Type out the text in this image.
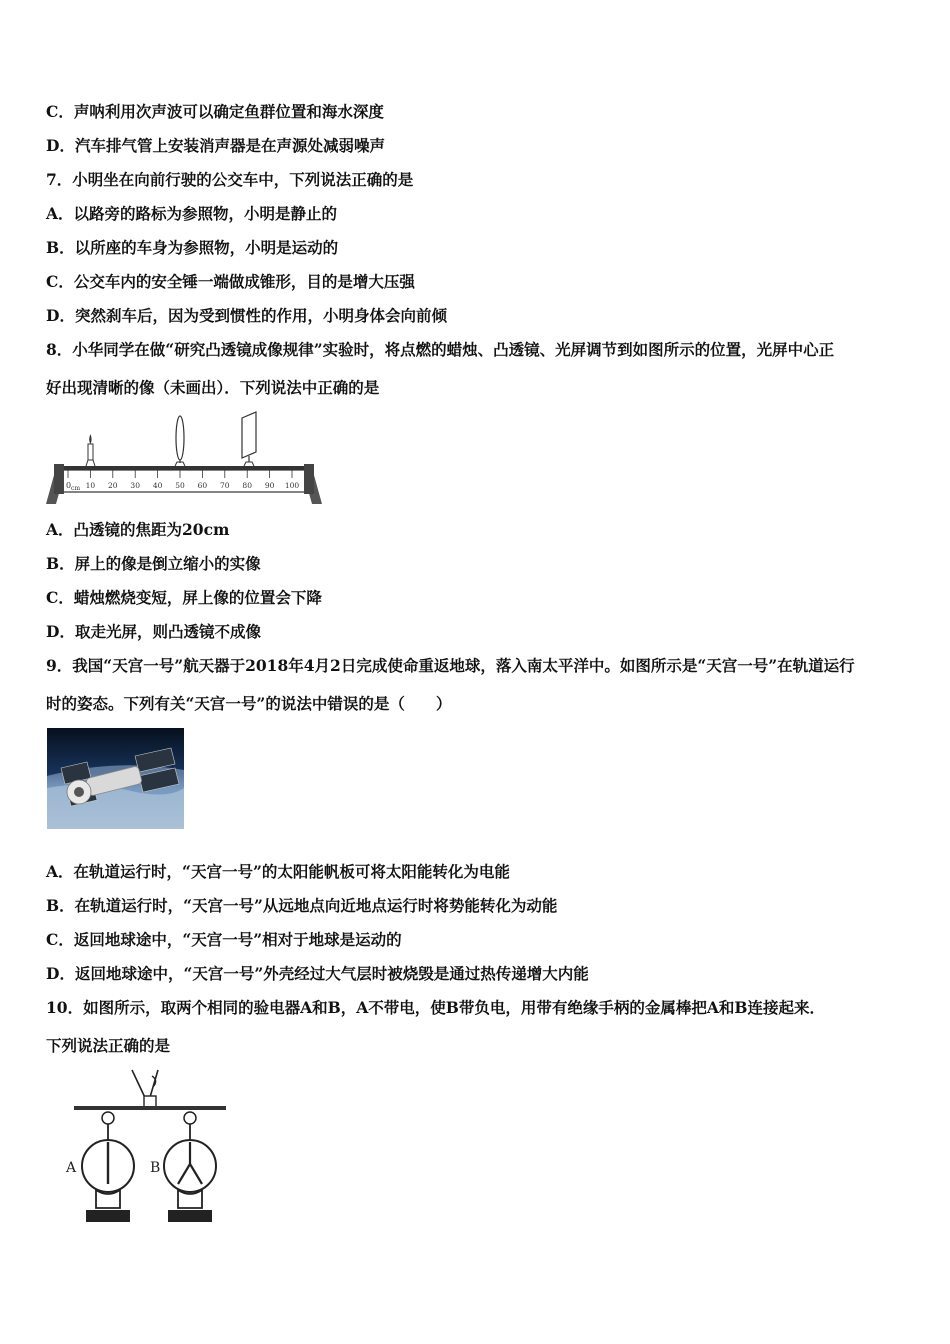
C．声呐利用次声波可以确定鱼群位置和海水深度
D．汽车排气管上安装消声器是在声源处减弱噪声
7．小明坐在向前行驶的公交车中，下列说法正确的是
A．以路旁的路标为参照物，小明是静止的
B．以所座的车身为参照物，小明是运动的
C．公交车内的安全锤一端做成锥形，目的是增大压强
D．突然刹车后，因为受到惯性的作用，小明身体会向前倾
8．小华同学在做“研究凸透镜成像规律”实验时，将点燃的蜡烛、凸透镜、光屏调节到如图所示的位置，光屏中心正
好出现清晰的像（未画出）．下列说法中正确的是
0 cm 10 20 30 40 50 60 70 80 90 100
A．凸透镜的焦距为20cm
B．屏上的像是倒立缩小的实像
C．蜡烛燃烧变短，屏上像的位置会下降
D．取走光屏，则凸透镜不成像
9．我国“天宫一号”航天器于2018年4月2日完成使命重返地球，落入南太平洋中。如图所示是“天宫一号”在轨道运行
时的姿态。下列有关“天宫一号”的说法中错误的是（　　）
A．在轨道运行时，“天宫一号”的太阳能帆板可将太阳能转化为电能
B．在轨道运行时，“天宫一号”从远地点向近地点运行时将势能转化为动能
C．返回地球途中，“天宫一号”相对于地球是运动的
D．返回地球途中，“天宫一号”外壳经过大气层时被烧毁是通过热传递增大内能
10．如图所示，取两个相同的验电器A和B，A不带电，使B带负电，用带有绝缘手柄的金属棒把A和B连接起来．
下列说法正确的是
A	B
